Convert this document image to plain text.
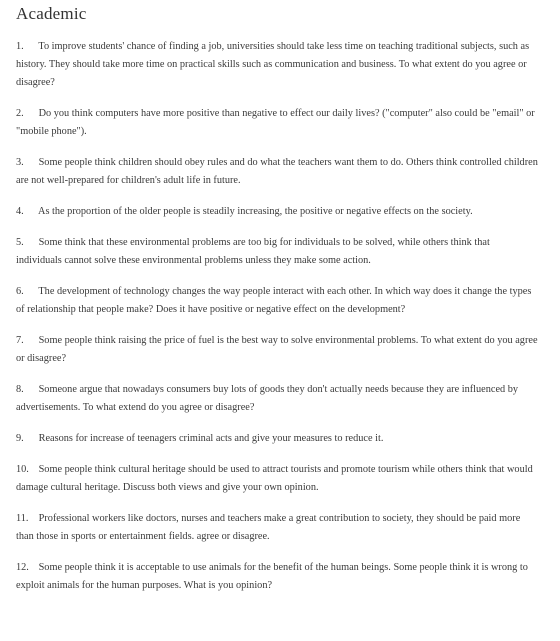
Academic
1. To improve students' chance of finding a job, universities should take less time on teaching traditional subjects, such as history. They should take more time on practical skills such as communication and business. To what extent do you agree or disagree?
2. Do you think computers have more positive than negative to effect our daily lives? ("computer" also could be "email" or "mobile phone").
3. Some people think children should obey rules and do what the teachers want them to do. Others think controlled children are not well-prepared for children's adult life in future.
4. As the proportion of the older people is steadily increasing, the positive or negative effects on the society.
5. Some think that these environmental problems are too big for individuals to be solved, while others think that individuals cannot solve these environmental problems unless they make some action.
6. The development of technology changes the way people interact with each other. In which way does it change the types of relationship that people make? Does it have positive or negative effect on the development?
7. Some people think raising the price of fuel is the best way to solve environmental problems. To what extent do you agree or disagree?
8. Someone argue that nowadays consumers buy lots of goods they don't actually needs because they are influenced by advertisements. To what extend do you agree or disagree?
9. Reasons for increase of teenagers criminal acts and give your measures to reduce it.
10. Some people think cultural heritage should be used to attract tourists and promote tourism while others think that would damage cultural heritage. Discuss both views and give your own opinion.
11. Professional workers like doctors, nurses and teachers make a great contribution to society, they should be paid more than those in sports or entertainment fields. agree or disagree.
12. Some people think it is acceptable to use animals for the benefit of the human beings. Some people think it is wrong to exploit animals for the human purposes. What is you opinion?
